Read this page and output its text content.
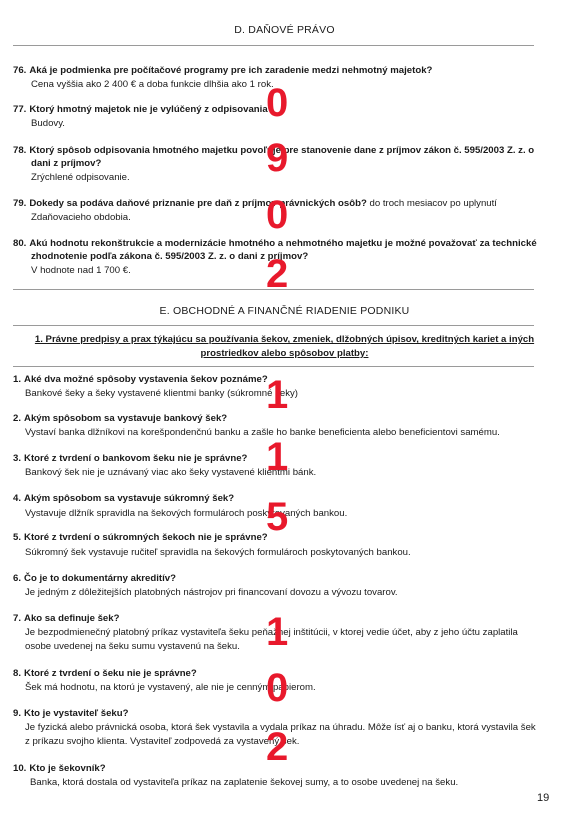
D. DAŇOVÉ PRÁVO
76. Aká je podmienka pre počítačové programy pre ich zaradenie medzi nehmotný majetok?
Cena vyššia ako 2 400 € a doba funkcie dlhšia ako 1 rok.
77. Ktorý hmotný majetok nie je vylúčený z odpisovania?
Budovy.
78. Ktorý spôsob odpisovania hmotného majetku povoľuje pre stanovenie dane z príjmov zákon č. 595/2003 Z. z. o
dani z príjmov?
Zrýchlené odpisovanie.
79. Dokedy sa podáva daňové priznanie pre daň z príjmov právnických osôb? do troch mesiacov po uplynutí
Zdaňovacieho obdobia.
80. Akú hodnotu rekonštrukcie a modernizácie hmotného a nehmotného majetku je možné považovať za technické
zhodnotenie podľa zákona č. 595/2003 Z. z. o dani z príjmov?
V hodnote nad 1 700 €.
E. OBCHODNÉ A FINANČNÉ RIADENIE PODNIKU
1. Právne predpisy a prax týkajúcu sa používania šekov, zmeniek, dlžobných úpisov, kreditných kariet a iných
prostriedkov alebo spôsobov platby:
1. Aké dva možné spôsoby vystavenia šekov poznáme?
Bankové šeky a šeky vystavené klientmi banky (súkromné šeky)
2. Akým spôsobom sa vystavuje bankový šek?
Vystaví banka dlžníkovi na korešpondenčnú banku a zašle ho banke beneficienta alebo beneficientovi samému.
3. Ktoré z tvrdení o bankovom šeku nie je správne?
Bankový šek nie je uznávaný viac ako šeky vystavené klientmi bánk.
4. Akým spôsobom sa vystavuje súkromný šek?
Vystavuje dlžník spravidla na šekových formulároch poskytovaných bankou.
5. Ktoré z tvrdení o súkromných šekoch nie je správne?
Súkromný šek vystavuje ručiteľ spravidla na šekových formulároch poskytovaných bankou.
6. Čo je to dokumentárny akreditív?
Je jedným z dôležitejších platobných nástrojov pri financovaní dovozu a vývozu tovarov.
7. Ako sa definuje šek?
Je bezpodmienečný platobný príkaz vystaviteľa šeku peňažnej inštitúcii, v ktorej vedie účet, aby z jeho účtu zaplatila
osobe uvedenej na šeku sumu vystavenú na šeku.
8. Ktoré z tvrdení o šeku nie je správne?
Šek má hodnotu, na ktorú je vystavený, ale nie je cenným papierom.
9. Kto je vystaviteľ šeku?
Je fyzická alebo právnická osoba, ktorá šek vystavila a vydala príkaz na úhradu. Môže ísť aj o banku, ktorá vystavila šek
z príkazu svojho klienta. Vystaviteľ zodpovedá za vystavený šek.
10. Kto je šekovník?
Banka, ktorá dostala od vystaviteľa príkaz na zaplatenie šekovej sumy, a to osobe uvedenej na šeku.
0
9
0
2
1
1
5
1
0
2
19
